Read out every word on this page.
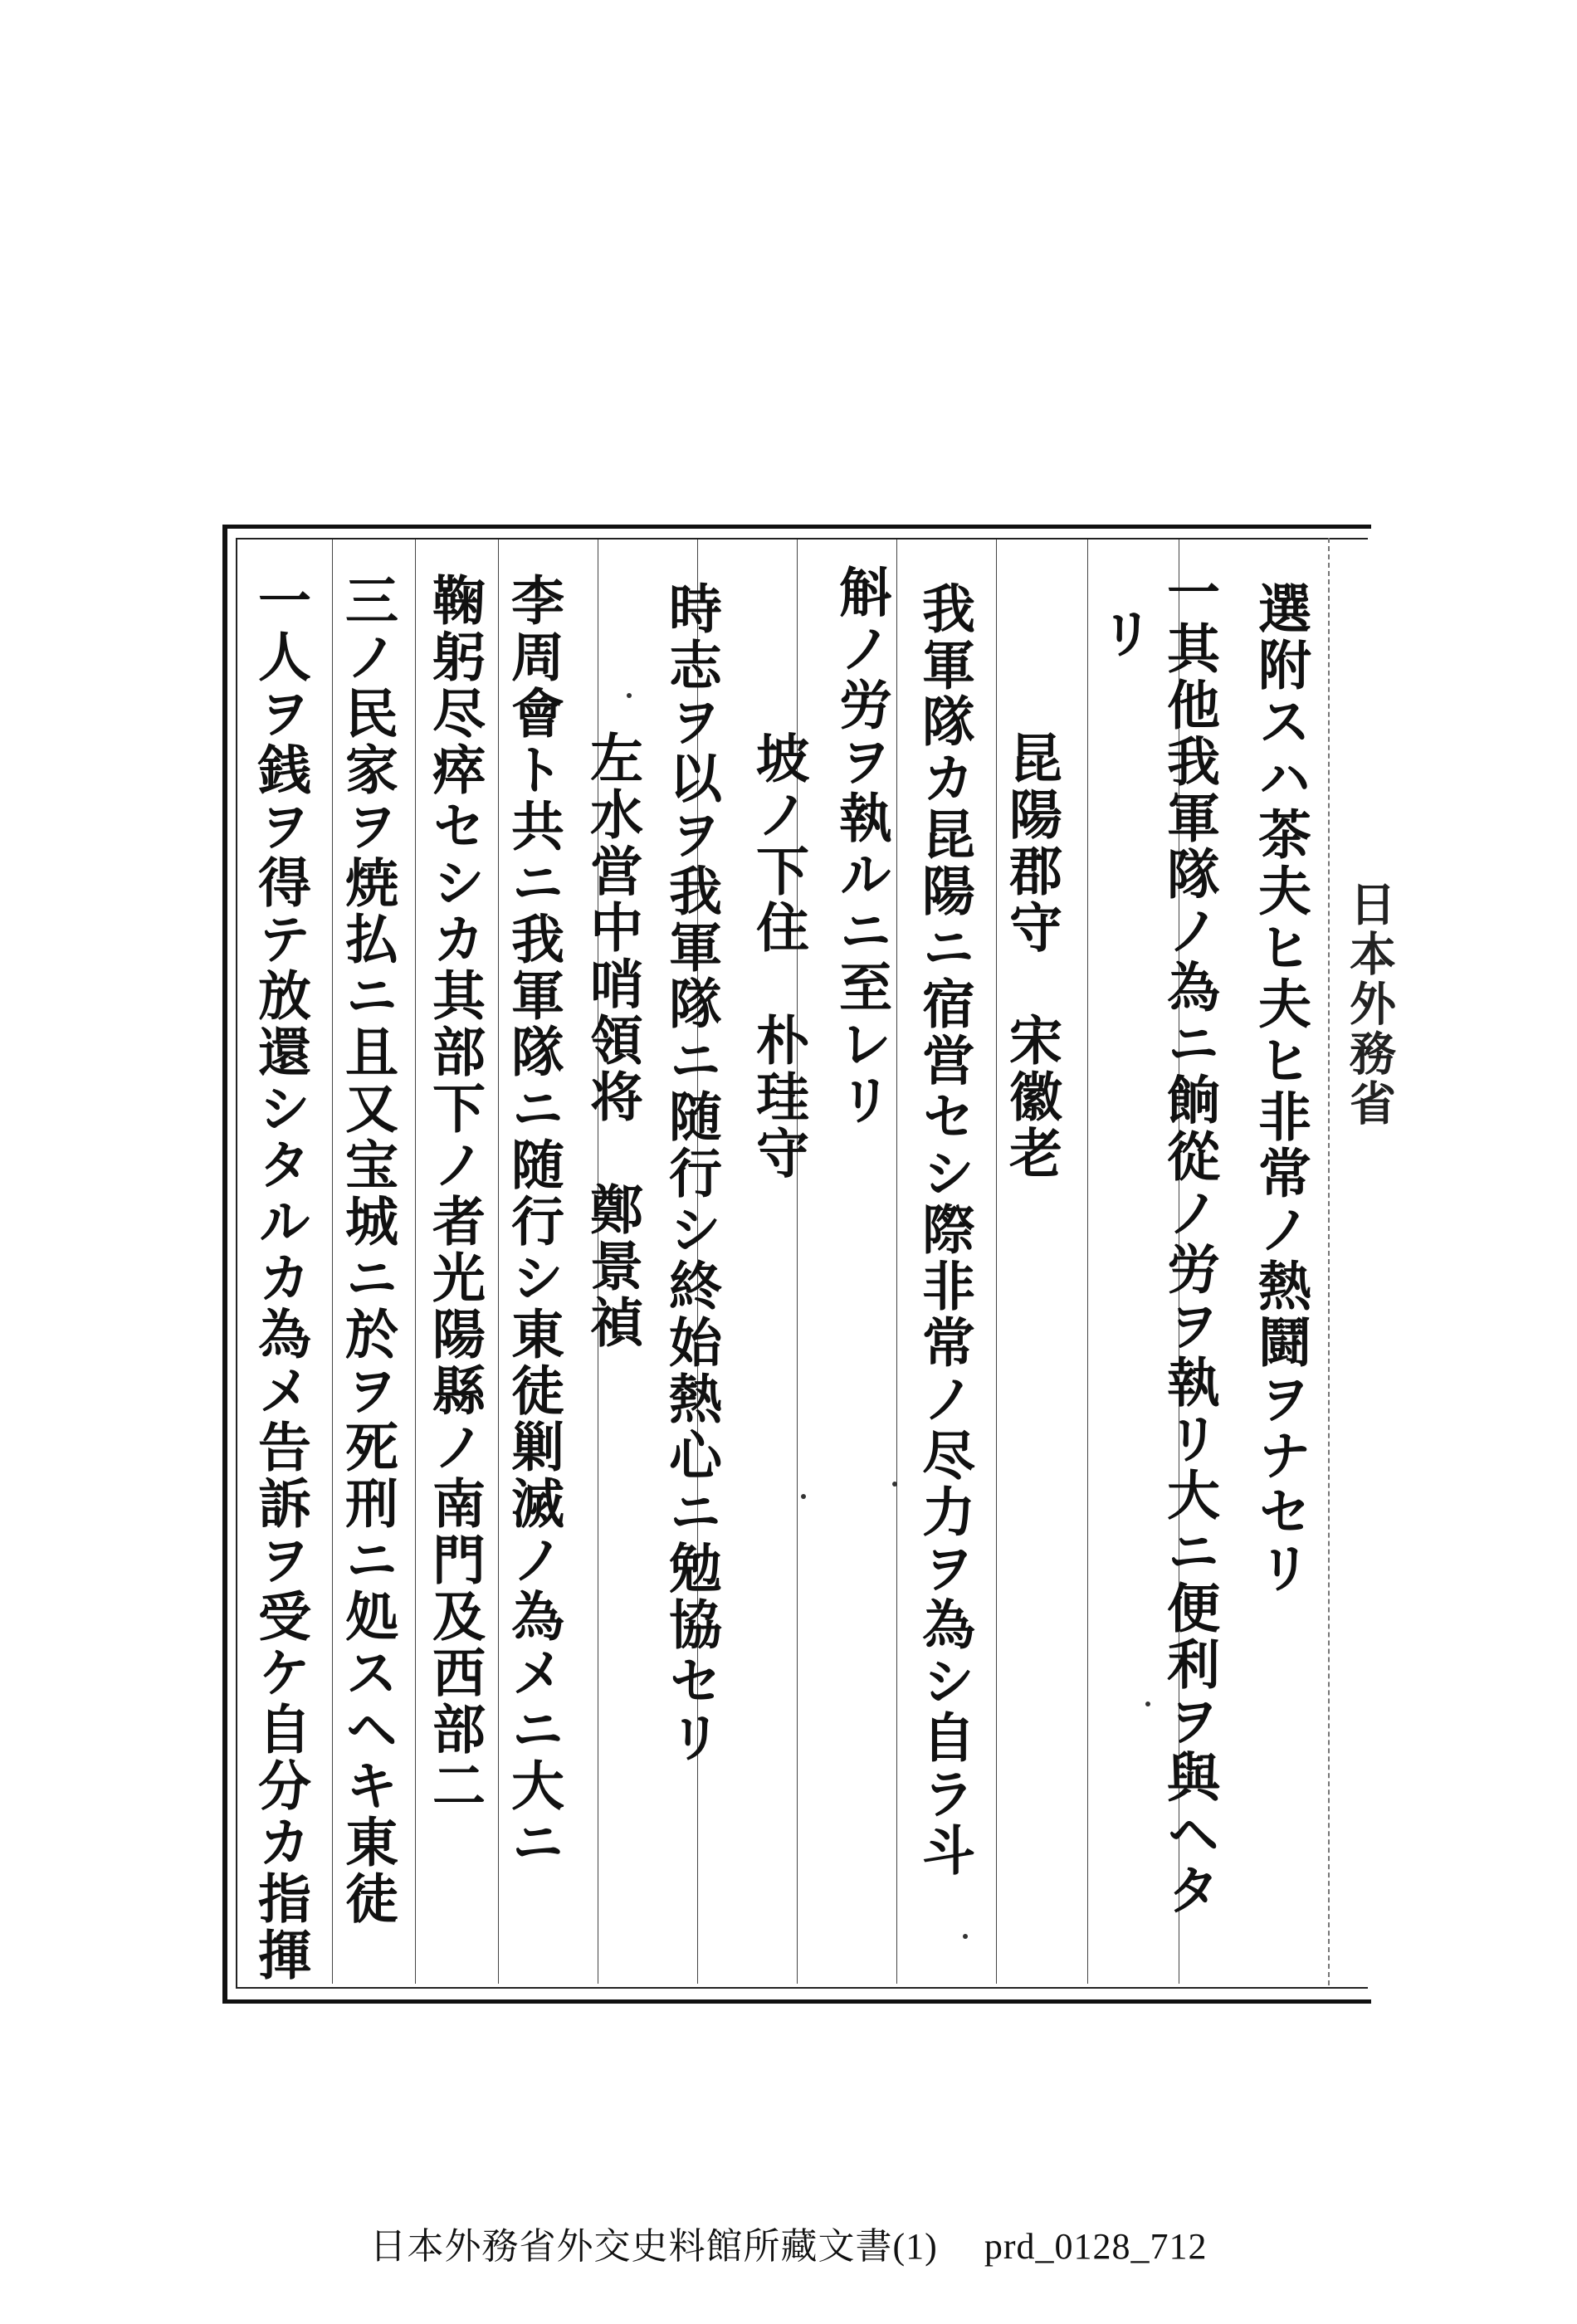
日本外務省
選附スハ茶夫ヒ夫ヒ非常ノ熱鬪ヲナセリ
一其他我軍隊ノ為ニ餉從ノ労ヲ執リ大ニ便利ヲ與ヘタ
リ
昆陽郡守　宋徽老
我軍隊カ昆陽ニ宿営セシ際非常ノ尽力ヲ為シ自ラ斗
斛ノ労ヲ執ルニ至レリ
坡ノ下住　朴珪守
時志ヲ以ヲ我軍隊ニ随行シ終始熱心ニ勉協セリ
左水営中哨領将　鄭景禎
李周會ト共ニ我軍隊ニ随行シ東徒剿滅ノ為メニ大ニ
鞠躬尽瘁セシカ其部下ノ者光陽縣ノ南門及西部二
三ノ民家ヲ焼払ニ且又宝城ニ於ヲ死刑ニ処スヘキ東徒
一人ヲ銭ヲ得テ放還シタルカ為メ告訴ヲ受ケ自分カ指揮
日本外務省外交史料館所藏文書(1) prd_0128_712
